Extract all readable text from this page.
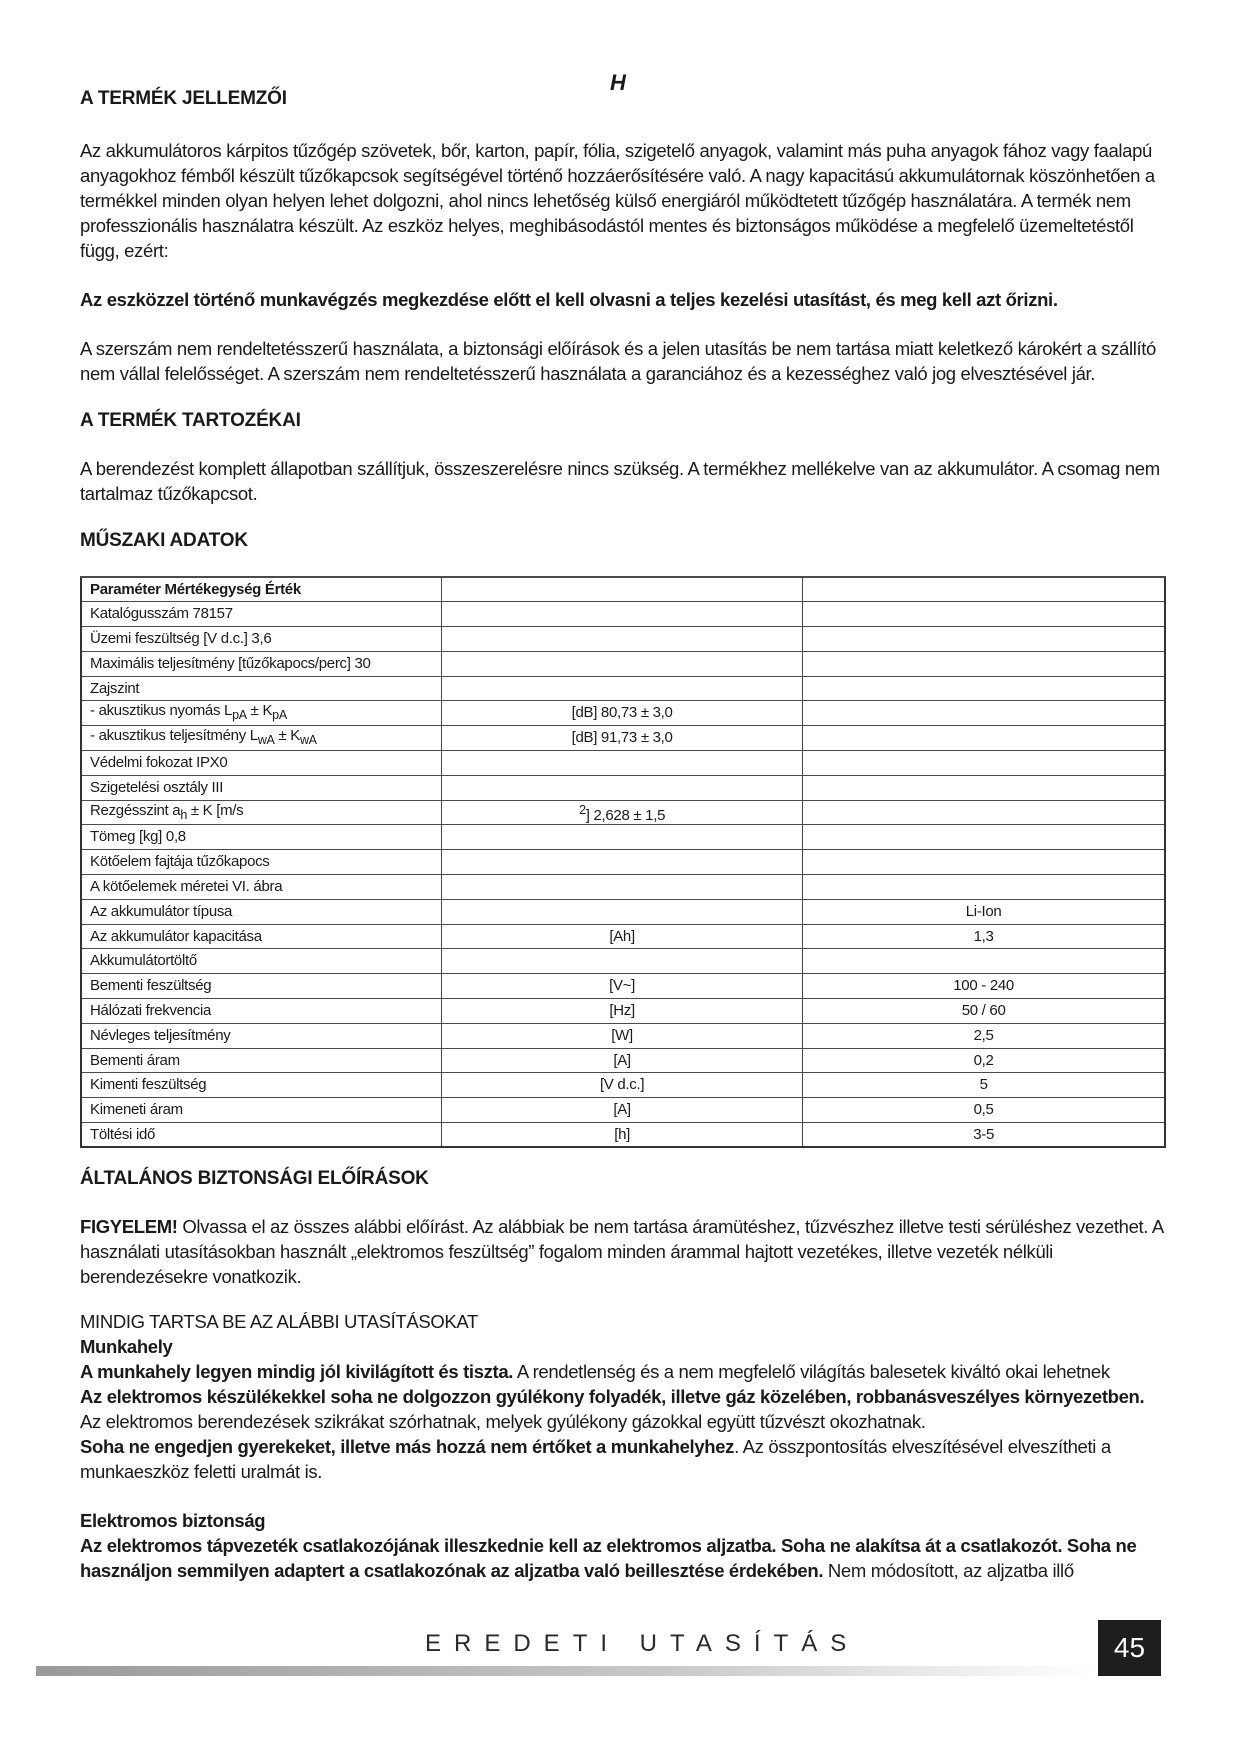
H
A TERMÉK JELLEMZŐI

Az akkumulátoros kárpitos tűzőgép szövetek, bőr, karton, papír, fólia, szigetelő anyagok, valamint más puha anyagok fához vagy faalapú anyagokhoz fémből készült tűzőkapcsok segítségével történő hozzáerősítésére való. A nagy kapacitású akkumulátornak köszönhetően a termékkel minden olyan helyen lehet dolgozni, ahol nincs lehetőség külső energiáról működtetett tűzőgép használatára. A termék nem professzionális használatra készült. Az eszköz helyes, meghibásodástól mentes és biztonságos működése a megfelelő üzemeltetéstől függ, ezért:

Az eszközzel történő munkavégzés megkezdése előtt el kell olvasni a teljes kezelési utasítást, és meg kell azt őrizni.

A szerszám nem rendeltetésszerű használata, a biztonsági előírások és a jelen utasítás be nem tartása miatt keletkező károkért a szállító nem vállal felelősséget. A szerszám nem rendeltetésszerű használata a garanciához és a kezességhez való jog elvesztésével jár.

A TERMÉK TARTOZÉKAI

A berendezést komplett állapotban szállítjuk, összeszerelésre nincs szükség. A termékhez mellékelve van az akkumulátor. A csomag nem tartalmaz tűzőkapcsot.

MŰSZAKI ADATOK
Paraméter Mértékegység Érték		
Katalógusszám 78157		
Üzemi feszültség [V d.c.] 3,6		
Maximális teljesítmény [tűzőkapocs/perc] 30		
Zajszint		
- akusztikus nyomás $L_{pA} \pm K_{pA}$	[dB] 80,73 ± 3,0	
- akusztikus teljesítmény $L_{wA} \pm K_{wA}$	[dB] 91,73 ± 3,0	
Védelmi fokozat IPX0		
Szigetelési osztály III		
Rezgésszint $a_h \pm K$ [m/s	$^2$] 2,628 ± 1,5	
Tömeg [kg] 0,8		
Kötőelem fajtája tűzőkapocs		
A kötőelemek méretei VI. ábra		
Az akkumulátor típusa		Li-Ion
Az akkumulátor kapacitása	[Ah]	1,3
Akkumulátortöltő		
Bementi feszültség	[V~]	100 - 240
Hálózati frekvencia	[Hz]	50 / 60
Névleges teljesítmény	[W]	2,5
Bementi áram	[A]	0,2
Kimenti feszültség	[V d.c.]	5
Kimeneti áram	[A]	0,5
Töltési idő	[h]	3-5
ÁLTALÁNOS BIZTONSÁGI ELŐÍRÁSOK

FIGYELEM! Olvassa el az összes alábbi előírást. Az alábbiak be nem tartása áramütéshez, tűzvészhez illetve testi sérüléshez vezethet. A használati utasításokban használt „elektromos feszültség” fogalom minden árammal hajtott vezetékes, illetve vezeték nélküli berendezésekre vonatkozik.

MINDIG TARTSA BE AZ ALÁBBI UTASÍTÁSOKAT

Munkahely

A munkahely legyen mindig jól kivilágított és tiszta. A rendetlenség és a nem megfelelő világítás balesetek kiváltó okai lehetnek

Az elektromos készülékekkel soha ne dolgozzon gyúlékony folyadék, illetve gáz közelében, robbanásveszélyes környezetben. Az elektromos berendezések szikrákat szórhatnak, melyek gyúlékony gázokkal együtt tűzvészt okozhatnak.

Soha ne engedjen gyerekeket, illetve más hozzá nem értőket a munkahelyhez. Az összpontosítás elveszítésével elveszítheti a munkaeszköz feletti uralmát is.

Elektromos biztonság

Az elektromos tápvezeték csatlakozójának illeszkednie kell az elektromos aljzatba. Soha ne alakítsa át a csatlakozót. Soha ne használjon semmilyen adaptert a csatlakozónak az aljzatba való beillesztése érdekében. Nem módosított, az aljzatba illő

EREDETI UTASÍTÁS	45
